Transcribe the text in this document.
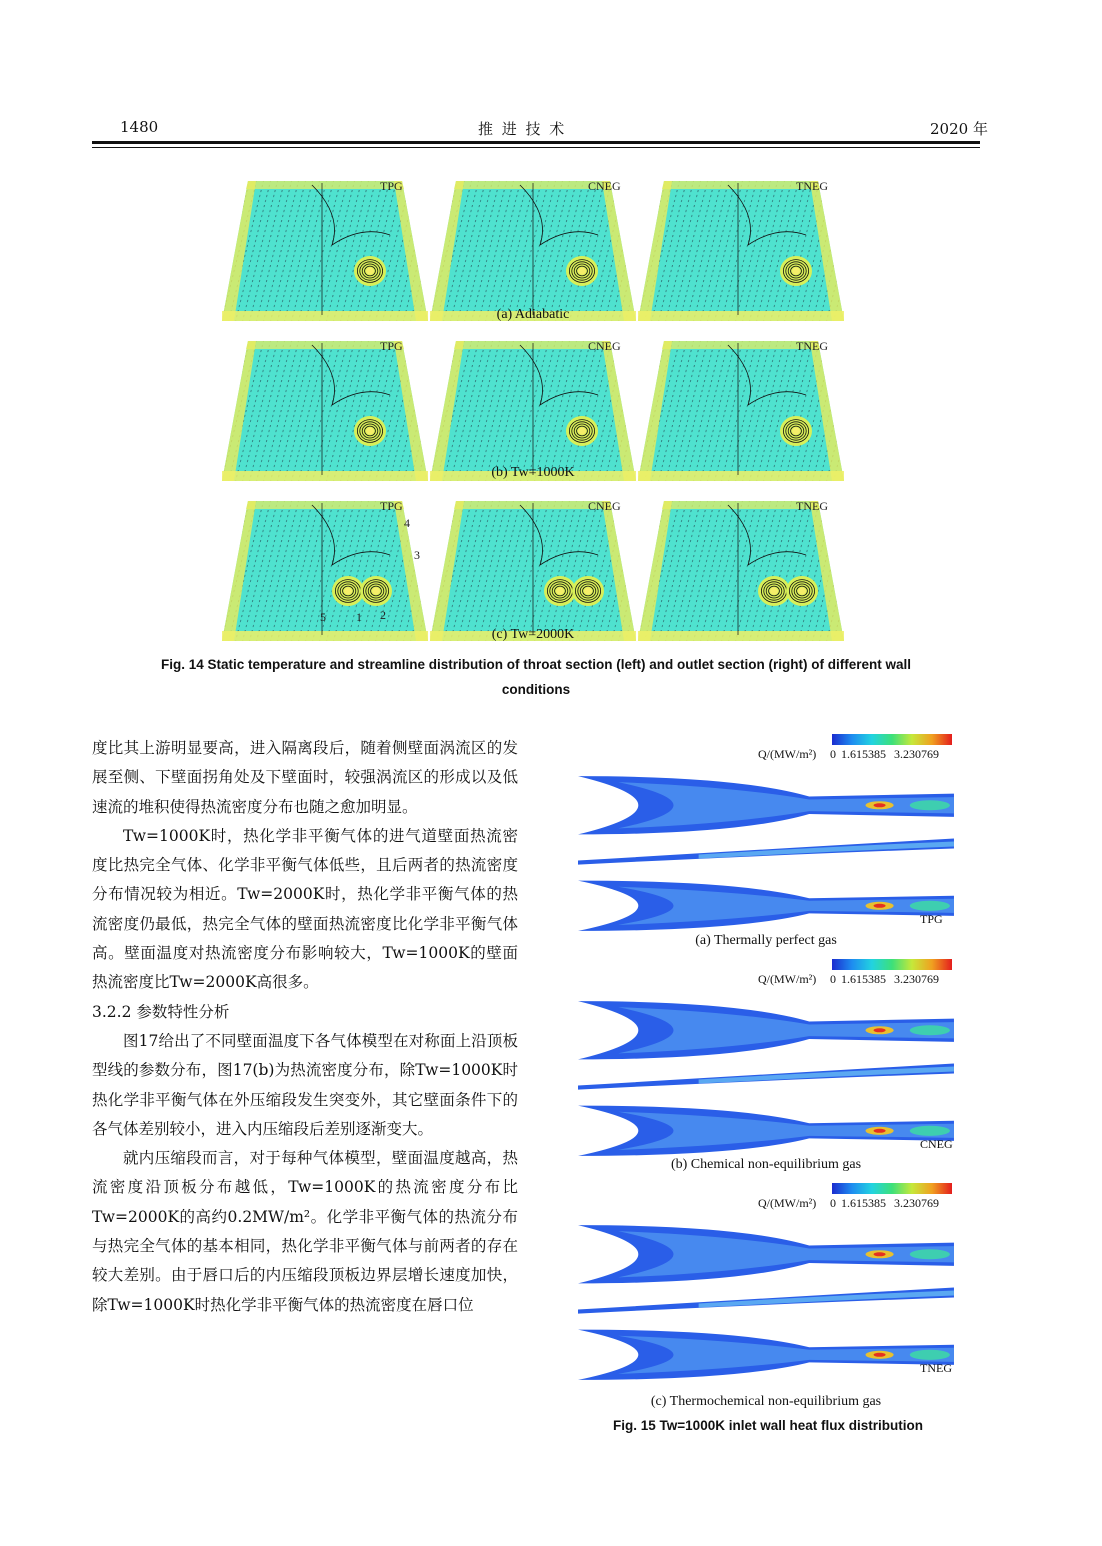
1480	推 进 技 术	2020 年
TPG	CNEG	TNEG
(a) Adiabatic
TPG	CNEG	TNEG
(b) Tw=1000K
TPG	CNEG	TNEG
(c) Tw=2000K
4
3
5	1 2
Fig. 14 Static temperature and streamline distribution of throat section (left) and outlet section (right) of different wall
conditions

度比其上游明显要高，进入隔离段后，随着侧壁面涡流区的发展至侧、下壁面拐角处及下壁面时，较强涡流区的形成以及低速流的堆积使得热流密度分布也随之愈加明显。

Tw=1000K时，热化学非平衡气体的进气道壁面热流密度比热完全气体、化学非平衡气体低些，且后两者的热流密度分布情况较为相近。Tw=2000K时，热化学非平衡气体的热流密度仍最低，热完全气体的壁面热流密度比化学非平衡气体高。壁面温度对热流密度分布影响较大，Tw=1000K的壁面热流密度比Tw=2000K高很多。

3.2.2 参数特性分析

图17给出了不同壁面温度下各气体模型在对称面上沿顶板型线的参数分布，图17(b)为热流密度分布，除Tw=1000K时热化学非平衡气体在外压缩段发生突变外，其它壁面条件下的各气体差别较小，进入内压缩段后差别逐渐变大。

就内压缩段而言，对于每种气体模型，壁面温度越高，热流密度沿顶板分布越低，Tw=1000K的热流密度分布比Tw=2000K的高约0.2MW/m²。化学非平衡气体的热流分布与热完全气体的基本相同，热化学非平衡气体与前两者的存在较大差别。由于唇口后的内压缩段顶板边界层增长速度加快，除Tw=1000K时热化学非平衡气体的热流密度在唇口位

Q/(MW/m²) 0 1.615385 3.230769
TPG
(a) Thermally perfect gas
Q/(MW/m²) 0 1.615385 3.230769
CNEG
(b) Chemical non-equilibrium gas
Q/(MW/m²) 0 1.615385 3.230769
TNEG
(c) Thermochemical non-equilibrium gas
Fig. 15 Tw=1000K inlet wall heat flux distribution
